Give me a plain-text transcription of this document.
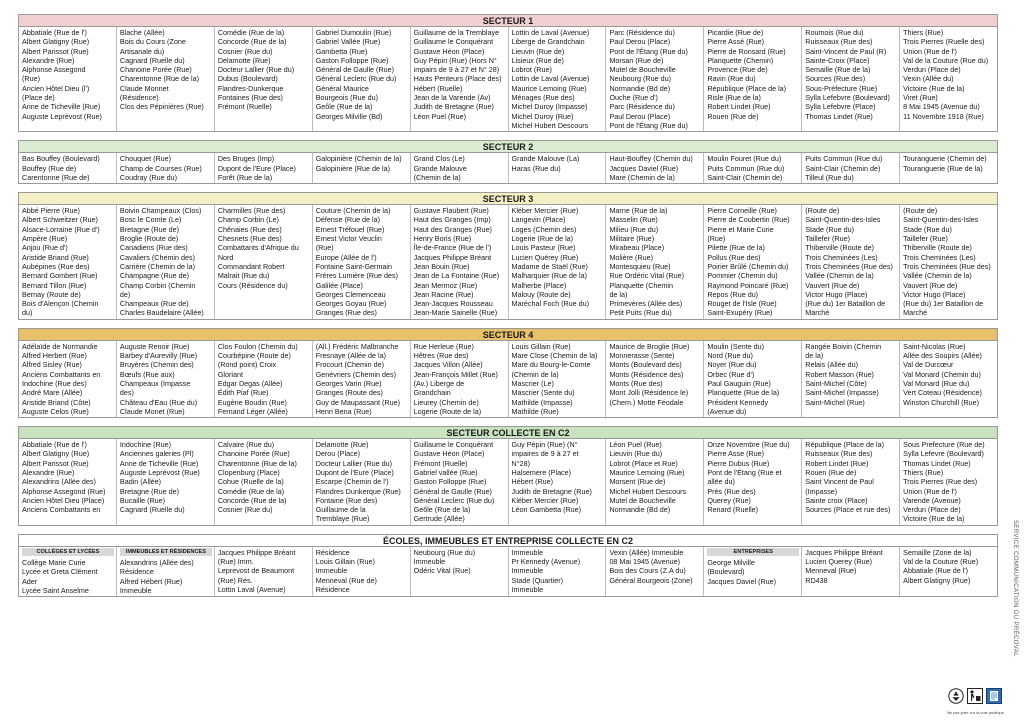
SECTEUR 1
Abbatiale (Rue de l')
Albert Glatigny (Rue)
Albert Parissot (Rue)
Alexandre (Rue)
Alphonse Assegond
(Rue)
Ancien Hôtel Dieu (l')
(Place de)
Anne de Ticheville (Rue)
Auguste Leprévost (Rue)
Blache (Allée)
Bois du Cours (Zone
Artisanale du)
Cagnard (Ruelle du)
Chanoine Porée (Rue)
Charentonne (Rue de la)
Claude Monnet
(Résidence)
Clos des Pépinières (Rue)
Comédie (Rue de la)
Concorde (Rue de la)
Cosnier (Rue du)
Delamotte (Rue)
Docteur Lallier (Rue du)
Dubus (Boulevard)
Flandres-Dunkerque
Fontaines (Rue des)
Frémont (Ruelle)
Gabriel Dumoulin (Rue)
Gabriel Vallée (Rue)
Gambetta (Rue)
Gaston Folloppe (Rue)
Général de Gaulle (Rue)
Général Leclerc (Rue du)
Général Maurice
Bourgeois (Rue du)
Geôle (Rue de la)
Georges Milville (Bd)
Guillaume de la Tremblaye
Guillaume le Conquérant
Gustave Héon (Place)
Guy Pépin (Rue) (Hors N°
impairs de 9 à 27 et N° 28)
Hauts Penteurs (Place des)
Hébert (Ruelle)
Jean de la Varende (Av)
Judith de Bretagne (Rue)
Léon Puel (Rue)
Lottin de Laval (Avenue)
Liberge de Grandchain
Lieuvin (Rue de)
Lisieux (Rue de)
Lobrot (Rue)
Lottin de Laval (Avenue)
Maurice Lemoing (Rue)
Ménages (Rue des)
Michel Duroy (Impasse)
Michel Duroy (Rue)
Michel Hubert Descours
Parc (Résidence du)
Paul Derou (Place)
Pont de l'Étang (Rue du)
Morsan (Rue de)
Mutel de Boucheville
Neubourg (Rue du)
Normandie (Bd de)
Ouche (Rue d')
Parc (Résidence du)
Paul Derou (Place)
Pont de l'Étang (Rue du)
Picardie (Rue de)
Pierre Assé (Rue)
Pierre de Ronsard (Rue)
Planquette (Chemin)
Provence (Rue de)
Ravin (Rue du)
République (Place de la)
Risle (Rue de la)
Robert Lindet (Rue)
Rouen (Rue de)
Roumois (Rue du)
Ruisseaux (Rue des)
Saint-Vincent de Paul (R)
Sainte-Croix (Place)
Semaille (Rue de la)
Sources (Rue des)
Sous-Préfecture (Rue)
Sylla Lefebvre (Boulevard)
Sylla Lefebvre (Place)
Thomas Lindet (Rue)
Thiers (Rue)
Trois Pierres (Ruelle des)
Union (Rue de l')
Val de la Couture (Rue du)
Verdun (Place de)
Vexin (Allée du)
Victoire (Rue de la)
Viret (Rue)
8 Mai 1945 (Avenue du)
11 Novembre 1918 (Rue)
SECTEUR 2
Bas Bouffey (Boulevard)
Bouffey (Rue de)
Carentonne (Rue de)
Chouquet (Rue)
Champ de Courses (Rue)
Coudray (Rue du)
Des Bruges (Imp)
Dupont de l'Eure (Place)
Forêt (Rue de la)
Galopinière (Chemin de la)
Galopinière (Rue de la)
Grand Clos (Le)
Grande Malouve
(Chemin de la)
Grande Malouve (La)
Haras (Rue du)
Haut-Bouffey (Chemin du)
Jacques Daviel (Rue)
Mare (Chemin de la)
Moulin Fouret (Rue du)
Puits Commun (Rue du)
Saint-Clair (Chemin de)
Puits Commun (Rue du)
Saint-Clair (Chemin de)
Tilleul (Rue du)
Touranguerie (Chemin de)
Touranguerie (Rue de la)
SECTEUR 3
Abbé Pierre (Rue)
Albert Schweitzer (Rue)
Alsace-Lorraine (Rue d')
Ampère (Rue)
Anjou (Rue d')
Aristide Briand (Rue)
Aubépines (Rue des)
Bernard Gombert (Rue)
Bernard Tillon (Rue)
Bernay (Route de)
Bois d'Alençon (Chemin
du)
Boivin Champeaux (Clos)
Bosc le Comte (Le)
Bretagne (Rue de)
Broglie (Route de)
Canadiens (Rue des)
Cavaliers (Chemin des)
Carrière (Chemin de la)
Champagne (Rue de)
Champ Corbin (Chemin
de)
Champeaux (Rue de)
Charles Baudelaire (Allée)
Charmilles (Rue des)
Champ Corbin (Le)
Chênaies (Rue des)
Chesnets (Rue des)
Combattants d'Afrique du
Nord
Commandant Robert
Malrait (Rue du)
Cours (Résidence du)
Couture (Chemin de la)
Défense (Rue de la)
Ernest Tréfouel (Rue)
Ernest Victor Veuclin
(Rue)
Europe (Allée de l')
Fontaine Saint-Germain
Frères Lumière (Rue des)
Galilée (Place)
Georges Clemenceau
Georges Goyau (Rue)
Granges (Rue des)
Gustave Flaubert (Rue)
Haut des Granges (Imp)
Haut des Granges (Rue)
Henry Boris (Rue)
Île-de-France (Rue de l')
Jacques Philippe Bréant
Jean Bouin (Rue)
Jean de La Fontaine (Rue)
Jean Mermoz (Rue)
Jean Racine (Rue)
Jean-Jacques Rousseau
Jean-Marie Sainelle (Rue)
Kléber Mercier (Rue)
Langevin (Place)
Loges (Chemin des)
Logerie (Rue de la)
Louis Pasteur (Rue)
Lucien Quérey (Rue)
Madame de Staël (Rue)
Malharquier (Rue de la)
Malherbe (Place)
Malouy (Route de)
Maréchal Foch (Rue du)
Marne (Rue de la)
Masselin (Rue)
Milieu (Rue du)
Militaire (Rue)
Mirabeau (Place)
Molière (Rue)
Montesquieu (Rue)
Rue Ordéric Vital (Rue)
Planquette (Chemin
de la)
Primevères (Allée des)
Petit Puits (Rue du)
Pierre Corneille (Rue)
Pierre de Coubertin (Rue)
Pierre et Marie Curie
(Rue)
Pilette (Rue de la)
Pollus (Rue des)
Poirier Brûlé (Chemin du)
Pommier (Chemin du)
Raymond Poincaré (Rue)
Repos (Rue du)
Rouget de l'Isle (Rue)
Saint-Exupéry (Rue)
(Route de)
Saint-Quentin-des-Isles
Stade (Rue du)
Taillefer (Rue)
Thiberville (Route de)
Trois Cheminées (Les)
Trois Cheminées (Rue des)
Vallée (Chemin de la)
Vauvert (Rue de)
Victor Hugo (Place)
(Rue du) 1er Bataillon de
Marché
(Route de)
Saint-Quentin-des-Isles
Stade (Rue du)
Taillefer (Rue)
Thiberville (Route de)
Trois Cheminées (Les)
Trois Cheminées (Rue des)
Vallée (Chemin de la)
Vauvert (Rue de)
Victor Hugo (Place)
(Rue du) 1er Bataillon de
Marché
SECTEUR 4
Adélaïde de Normandie
Alfred Herbert (Rue)
Alfred Sisley (Rue)
Anciens Combattants en
Indochine (Rue des)
André Mare (Allée)
Aristide Briand (Côte)
Auguste Celos (Rue)
Auguste Renoir (Rue)
Barbey d'Aurevilly (Rue)
Bruyères (Chemin des)
Bœufs (Rue aux)
Champeaux (Impasse
des)
Château d'Eau (Rue du)
Claude Monet (Rue)
Clos Foulon (Chemin du)
Courbépine (Route de)
(Rond point) Croix
Gloriant
Edgar Degas (Allée)
Édith Piaf (Rue)
Eugène Boudin (Rue)
Fernand Léger (Allée)
(All.) Frédéric Malbranche
Fresnaye (Allée de la)
Frocourt (Chemin de)
Genévriers (Chemin des)
Georges Varin (Rue)
Granges (Route des)
Guy de Maupassant (Rue)
Henri Bena (Rue)
Rue Herleue (Rue)
Hêtres (Rue des)
Jacques Villon (Allée)
Jean-François Millet (Rue)
(Av.) Liberge de
Grandchain
Lieurey (Chemin de)
Logerie (Route de la)
Louis Gillain (Rue)
Mare Close (Chemin de la)
Mare du Bourg-le-Comte
(Chemin de la)
Mascrier (Le)
Mascrier (Sente du)
Mathilde (Impasse)
Mathilde (Rue)
Maurice de Broglie (Rue)
Monnerasse (Sente)
Monts (Boulevard des)
Monts (Résidence des)
Monts (Rue des)
Mont Jolli (Résidence le)
(Chem.) Motte Féodale
Moulin (Sente du)
Nord (Rue du)
Noyer (Rue du)
Orbec (Rue d')
Paul Gauguin (Rue)
Planquette (Rue de la)
Président Kennedy
(Avenue du)
Rangée Boivin (Chemin
de la)
Relais (Allée du)
Robert Masson (Rue)
Saint-Michel (Côte)
Saint-Michel (Impasse)
Saint-Michel (Rue)
Saint-Nicolas (Rue)
Allée des Soupirs (Allée)
Val de Durcœur
Val Monard (Chemin du)
Val Monard (Rue du)
Vert Coteau (Résidence)
Winston Churchill (Rue)
SECTEUR COLLECTE EN C2
Abbatiale (Rue de l')
Albert Glatigny (Rue)
Albert Parissot (Rue)
Alexandre (Rue)
Alexandrins (Allée des)
Alphonse Assegond (Rue)
Ancien Hôtel Dieu (Place)
Anciens Combattants en
Indochine (Rue)
Anciennes galeries (Pl)
Anne de Ticheville (Rue)
Auguste Leprévost (Rue)
Badin (Allée)
Bretagne (Rue de)
Bucaille (Rue)
Cagnard (Ruelle du)
Calvaire (Rue du)
Chanoine Porée (Rue)
Charentonne (Rue de la)
Clopenburg (Place)
Cohue (Ruelle de la)
Comédie (Rue de la)
Concorde (Rue de la)
Cosnier (Rue du)
Delamotte (Rue)
Derou (Place)
Docteur Lallier (Rue du)
Dupont de l'Eure (Place)
Escarpe (Chemin de l')
Flandres Dunkerque (Rue)
Fontaine (Rue des)
Guillaume de la
Tremblaye (Rue)
Guillaume le Conquérant
Gustave Héon (Place)
Frémont (Ruelle)
Gabriel vallée (Rue)
Gaston Folloppe (Rue)
Général de Gaulle (Rue)
Général Leclerc (Rue du)
Geôle (Rue de la)
Gertrude (Allée)
Guy Pépin (Rue) (N°
impaires de 9 à 27 et
N°28)
Halsemere (Place)
Hébert (Rue)
Judith de Bretagne (Rue)
Kléber Mercier (Rue)
Léon Gambetta (Rue)
Léon Puel (Rue)
Lieuvin (Rue du)
Lobrot (Place et Rue)
Maurice Lemoing (Rue)
Morsent (Rue de)
Michel Hubert Descours
Mutel de Boucheville
Normandie (Bd de)
Onze Novembre (Rue du)
Pierre Asse (Rue)
Pierre Dubus (Rue)
Pont de l'Étang (Rue et
allée du)
Près (Rue des)
Querey (Rue)
Renard (Ruelle)
République (Place de la)
Ruisseaux (Rue des)
Robert Lindet (Rue)
Rouen (Rue de)
Saint Vincent de Paul
(Impasse)
Sainte croix (Place)
Sources (Place et rue des)
Sous Prefecture (Rue de)
Sylla Lefevre (Boulevard)
Thomas Lindet (Rue)
Thiers (Rue)
Trois Pierres (Rue des)
Union (Rue de l')
Varende (Avenue)
Verdun (Place de)
Victoire (Rue de la)
ÉCOLES, IMMEUBLES ET ENTREPRISE COLLECTE EN C2
COLLÈGES ET LYCÉES
Collège Marie Curie
Lycée et Greta Clément
Ader
Lycée Saint Anselme
IMMEUBLES ET RÉSIDENCES
Alexandrins (Allée des)
Résidence
Alfred Hébert (Rue)
Immeuble
Jacques Philippe Bréant
(Rue) Imm.
Leprevost de Beaumont
(Rue) Rés.
Lottin Laval (Avenue)
Résidence
Louis Gillain (Rue)
Immeuble
Menneval (Rue de)
Résidence
Neubourg (Rue du)
Immeuble
Odéric Vital (Rue)
Immeuble
Pr Kennedy (Avenue)
Immeuble
Stade (Quartier)
Immeuble
Vexin (Allée) Immeuble
08 Mai 1945 (Avenue)
Bois des Cours (Z.A du)
Général Bourgeois (Zone)
ENTREPRISES
George Milville
(Boulevard)
Jacques Daviel (Rue)
Jacques Philippe Bréant
Lucien Querey (Rue)
Menneval (Rue)
RD438
Semaille (Zone de la)
Val de la Couture (Rue)
Abbatiale (Rue de l')
Albert Glatigny (Rue)	SERVICE COMMUNICATION DU PRÉCOVAL
Ne pas jeter sur la voie publique
